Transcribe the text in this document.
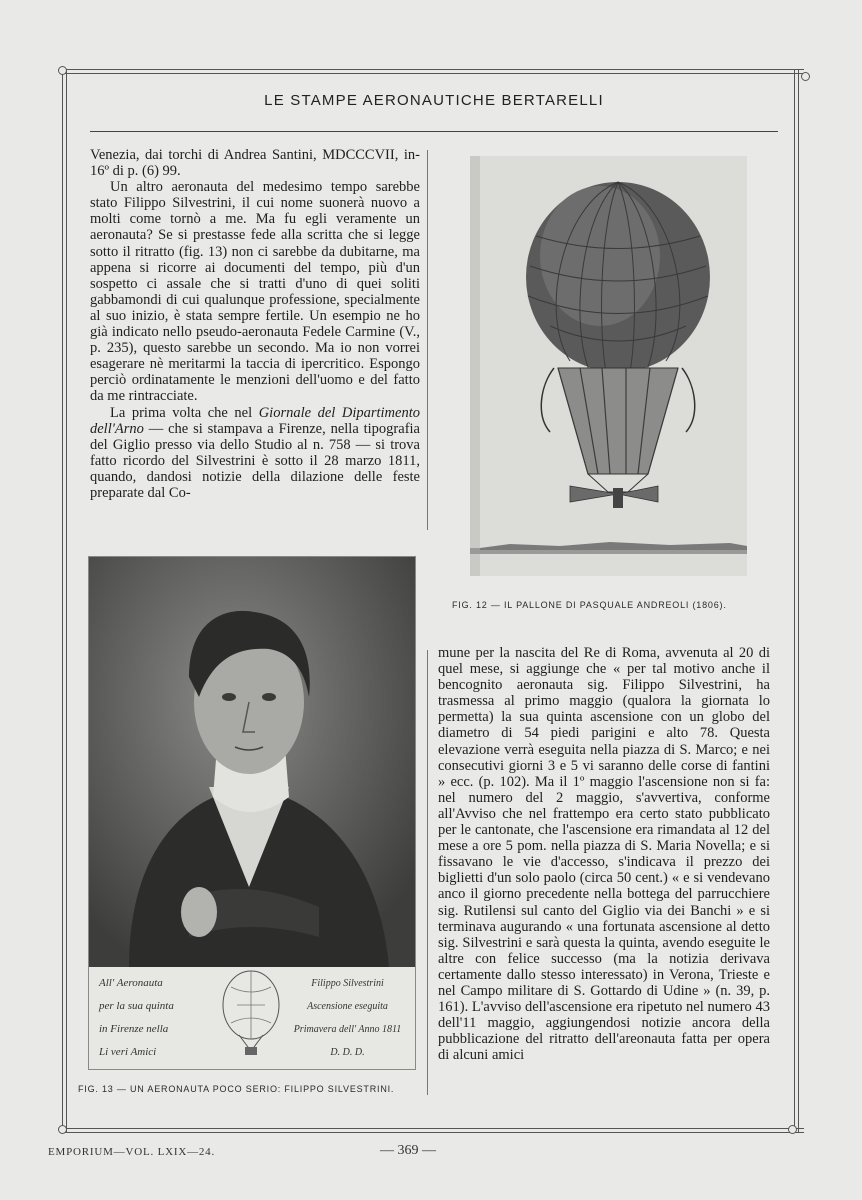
LE STAMPE AERONAUTICHE BERTARELLI

Venezia, dai torchi di Andrea Santini, MDCCCVII, in-16º di p. (6) 99.

Un altro aeronauta del medesimo tempo sarebbe stato Filippo Silvestrini, il cui nome suonerà nuovo a molti come tornò a me. Ma fu egli veramente un aeronauta? Se si prestasse fede alla scritta che si legge sotto il ritratto (fig. 13) non ci sarebbe da dubitarne, ma appena si ricorre ai documenti del tempo, più d'un sospetto ci assale che si tratti d'uno di quei soliti gabbamondi di cui qualunque professione, specialmente al suo inizio, è stata sempre fertile. Un esempio ne ho già indicato nello pseudo-aeronauta Fedele Carmine (V., p. 235), questo sarebbe un secondo. Ma io non vorrei esagerare nè meritarmi la taccia di ipercritico. Espongo perciò ordinatamente le menzioni dell'uomo e del fatto da me rintracciate.

La prima volta che nel Giornale del Dipartimento dell'Arno — che si stampava a Firenze, nella tipografia del Giglio presso via dello Studio al n. 758 — si trova fatto ricordo del Silvestrini è sotto il 28 marzo 1811, quando, dandosi notizie della dilazione delle feste preparate dal Co-

FIG. 12 — IL PALLONE DI PASQUALE ANDREOLI (1806).
All' Aeronauta
per la sua quinta
in Firenze nella
Li veri Amici
Filippo Silvestrini
Ascensione eseguita
Primavera dell' Anno 1811
D. D. D.
FIG. 13 — UN AERONAUTA POCO SERIO: FILIPPO SILVESTRINI.

mune per la nascita del Re di Roma, avvenuta al 20 di quel mese, si aggiunge che « per tal motivo anche il bencognito aeronauta sig. Filippo Silvestrini, ha trasmessa al primo maggio (qualora la giornata lo permetta) la sua quinta ascensione con un globo del diametro di 54 piedi parigini e alto 78. Questa elevazione verrà eseguita nella piazza di S. Marco; e nei consecutivi giorni 3 e 5 vi saranno delle corse di fantini » ecc. (p. 102). Ma il 1º maggio l'ascensione non si fa: nel numero del 2 maggio, s'avvertiva, conforme all'Avviso che nel frattempo era certo stato pubblicato per le cantonate, che l'ascensione era rimandata al 12 del mese a ore 5 pom. nella piazza di S. Maria Novella; e si fissavano le vie d'accesso, s'indicava il prezzo dei biglietti d'un solo paolo (circa 50 cent.) « e si vendevano anco il giorno precedente nella bottega del parrucchiere sig. Rutilensi sul canto del Giglio via dei Banchi » e si terminava augurando « una fortunata ascensione al detto sig. Silvestrini e sarà questa la quinta, avendo eseguite le altre con felice successo (ma la notizia derivava certamente dallo stesso interessato) in Verona, Trieste e nel Campo militare di S. Gottardo di Udine » (n. 39, p. 161). L'avviso dell'ascensione era ripetuto nel numero 43 dell'11 maggio, aggiungendosi notizie ancora della pubblicazione del ritratto dell'areonauta fatta per opera di alcuni amici

EMPORIUM—VOL. LXIX—24.	— 369 —
